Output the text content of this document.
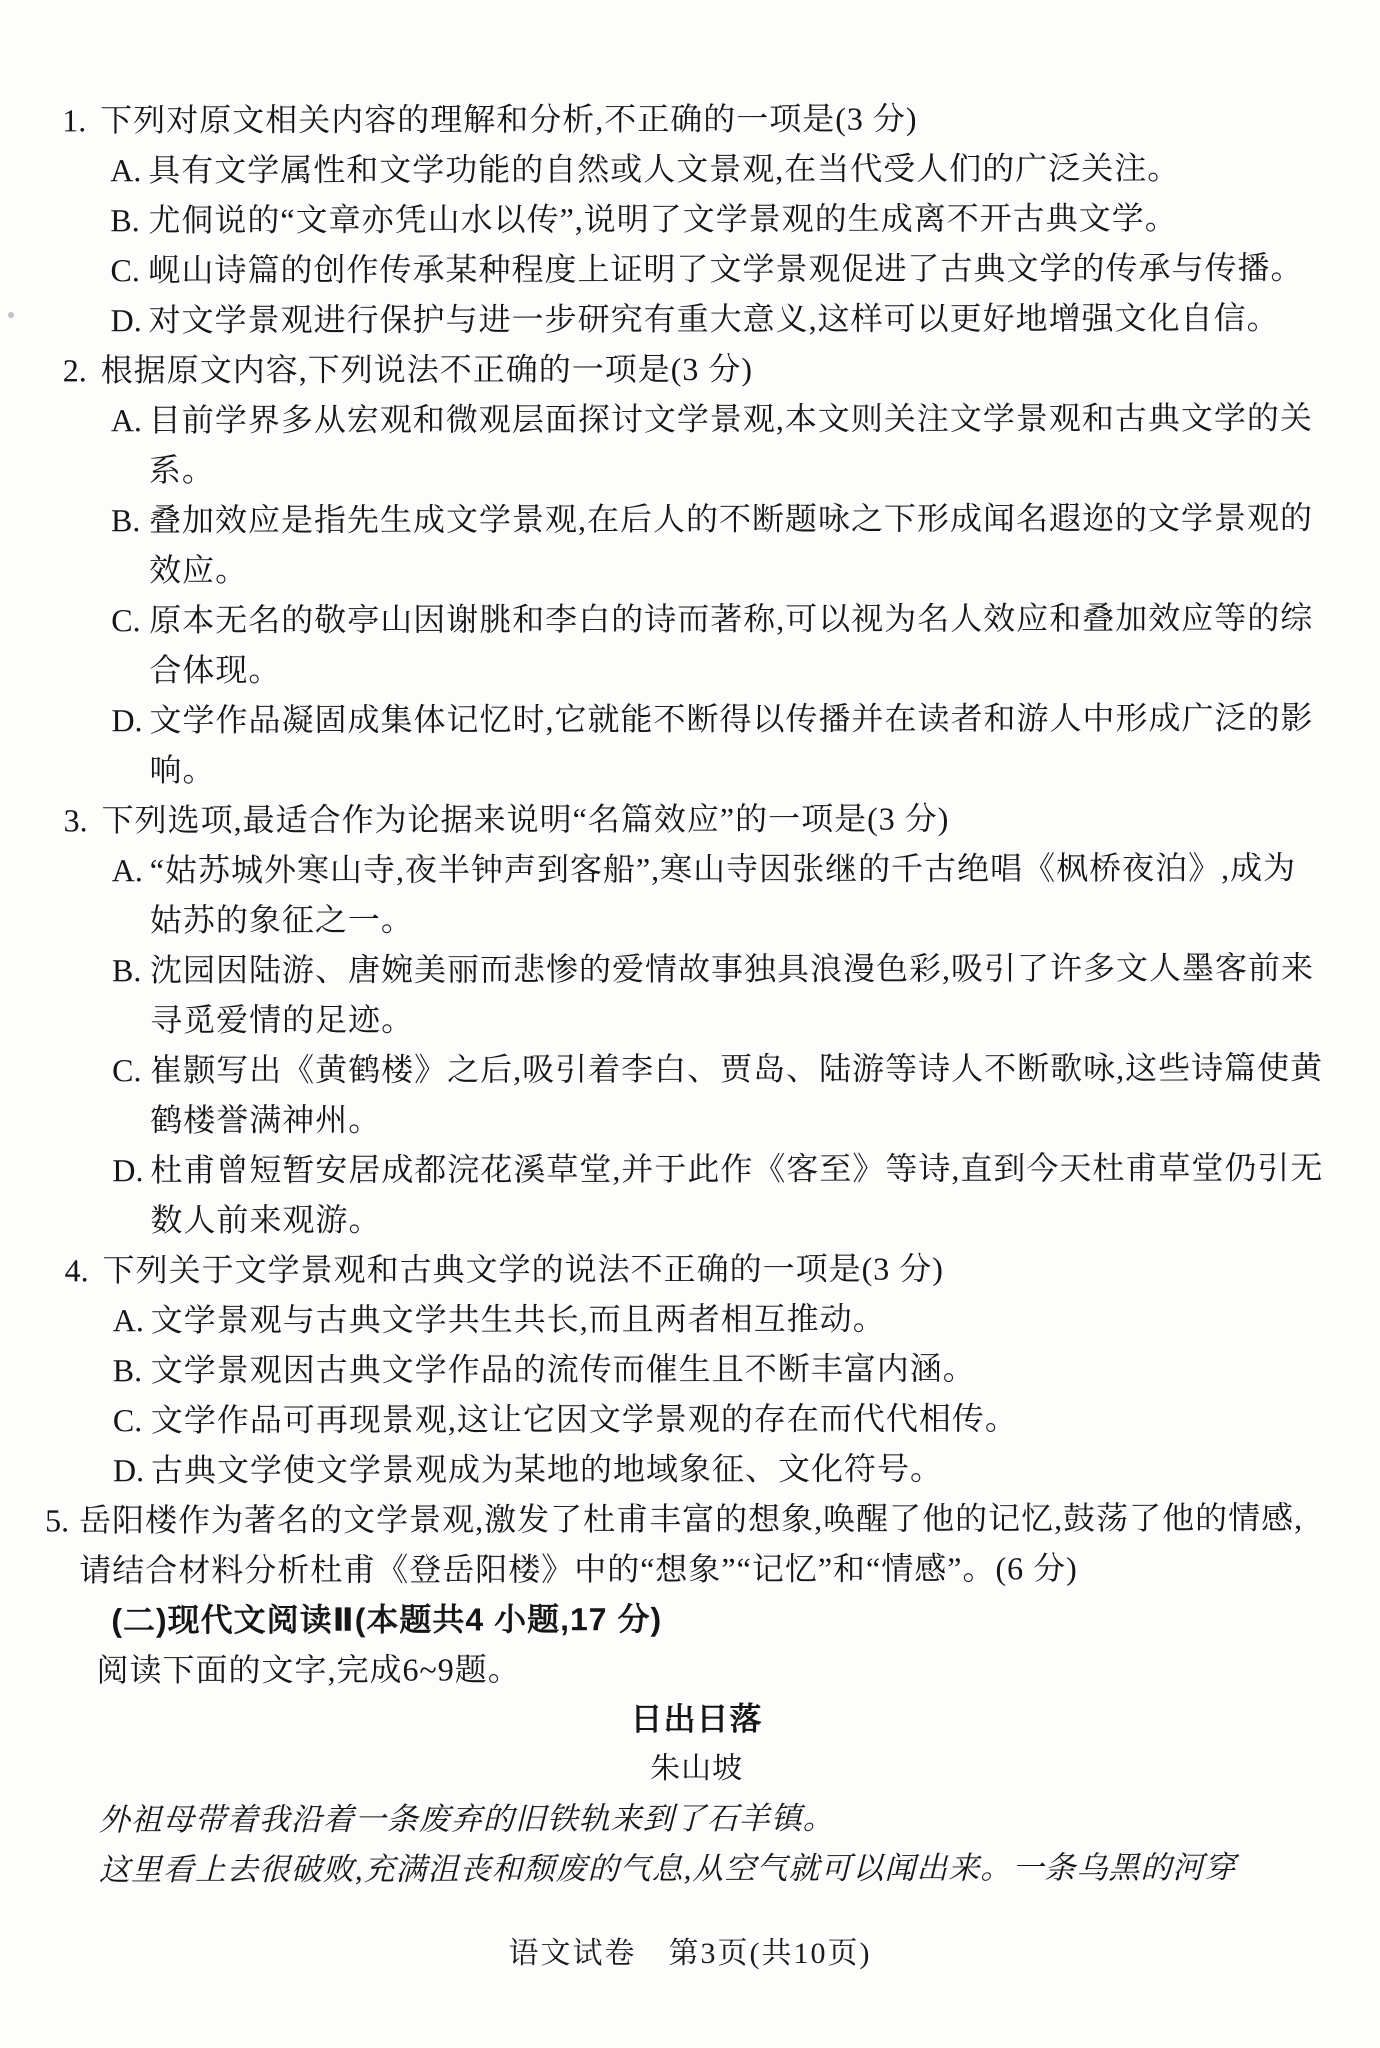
1. 下列对原文相关内容的理解和分析,不正确的一项是(3 分)

A. 具有文学属性和文学功能的自然或人文景观,在当代受人们的广泛关注。

B. 尤侗说的“文章亦凭山水以传”,说明了文学景观的生成离不开古典文学。

C. 岘山诗篇的创作传承某种程度上证明了文学景观促进了古典文学的传承与传播。

D. 对文学景观进行保护与进一步研究有重大意义,这样可以更好地增强文化自信。

2. 根据原文内容,下列说法不正确的一项是(3 分)

A. 目前学界多从宏观和微观层面探讨文学景观,本文则关注文学景观和古典文学的关系。

B. 叠加效应是指先生成文学景观,在后人的不断题咏之下形成闻名遐迩的文学景观的效应。

C. 原本无名的敬亭山因谢朓和李白的诗而著称,可以视为名人效应和叠加效应等的综合体现。

D. 文学作品凝固成集体记忆时,它就能不断得以传播并在读者和游人中形成广泛的影响。

3. 下列选项,最适合作为论据来说明“名篇效应”的一项是(3 分)

A. “姑苏城外寒山寺,夜半钟声到客船”,寒山寺因张继的千古绝唱《枫桥夜泊》,成为姑苏的象征之一。

B. 沈园因陆游、唐婉美丽而悲惨的爱情故事独具浪漫色彩,吸引了许多文人墨客前来寻觅爱情的足迹。

C. 崔颢写出《黄鹤楼》之后,吸引着李白、贾岛、陆游等诗人不断歌咏,这些诗篇使黄鹤楼誉满神州。

D. 杜甫曾短暂安居成都浣花溪草堂,并于此作《客至》等诗,直到今天杜甫草堂仍引无数人前来观游。

4. 下列关于文学景观和古典文学的说法不正确的一项是(3 分)

A. 文学景观与古典文学共生共长,而且两者相互推动。

B. 文学景观因古典文学作品的流传而催生且不断丰富内涵。

C. 文学作品可再现景观,这让它因文学景观的存在而代代相传。

D. 古典文学使文学景观成为某地的地域象征、文化符号。

5. 岳阳楼作为著名的文学景观,激发了杜甫丰富的想象,唤醒了他的记忆,鼓荡了他的情感,请结合材料分析杜甫《登岳阳楼》中的“想象”“记忆”和“情感”。(6 分)

(二)现代文阅读Ⅱ(本题共4 小题,17 分)

阅读下面的文字,完成6~9题。

日出日落

朱山坡

外祖母带着我沿着一条废弃的旧铁轨来到了石羊镇。

这里看上去很破败,充满沮丧和颓废的气息,从空气就可以闻出来。一条乌黑的河穿

语文试卷　第3页(共10页)
